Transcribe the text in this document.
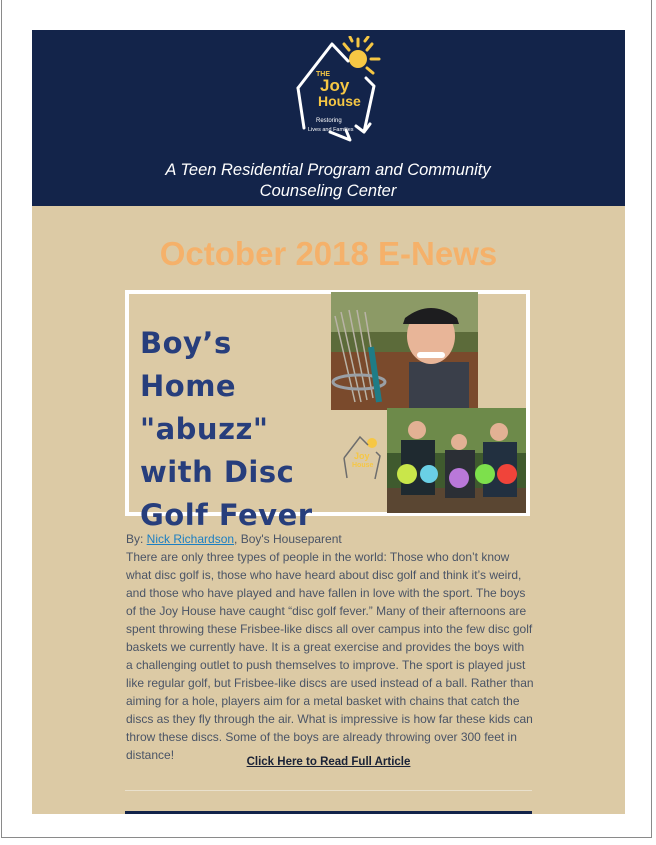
THE
Joy
House
Restoring
Lives and Families
A Teen Residential Program and Community
Counseling Center
October 2018 E-News
Boy’s Home
"abuzz"
with Disc
Golf Fever
Joy
House
By: Nick Richardson, Boy's Houseparent
There are only three types of people in the world: Those who don’t know what disc golf is, those who have heard about disc golf and think it’s weird, and those who have played and have fallen in love with the sport. The boys of the Joy House have caught “disc golf fever.” Many of their afternoons are spent throwing these Frisbee-like discs all over campus into the few disc golf baskets we currently have. It is a great exercise and provides the boys with a challenging outlet to push themselves to improve. The sport is played just like regular golf, but Frisbee-like discs are used instead of a ball. Rather than aiming for a hole, players aim for a metal basket with chains that catch the discs as they fly through the air. What is impressive is how far these kids can throw these discs. Some of the boys are already throwing over 300 feet in distance!	Click Here to Read Full Article
